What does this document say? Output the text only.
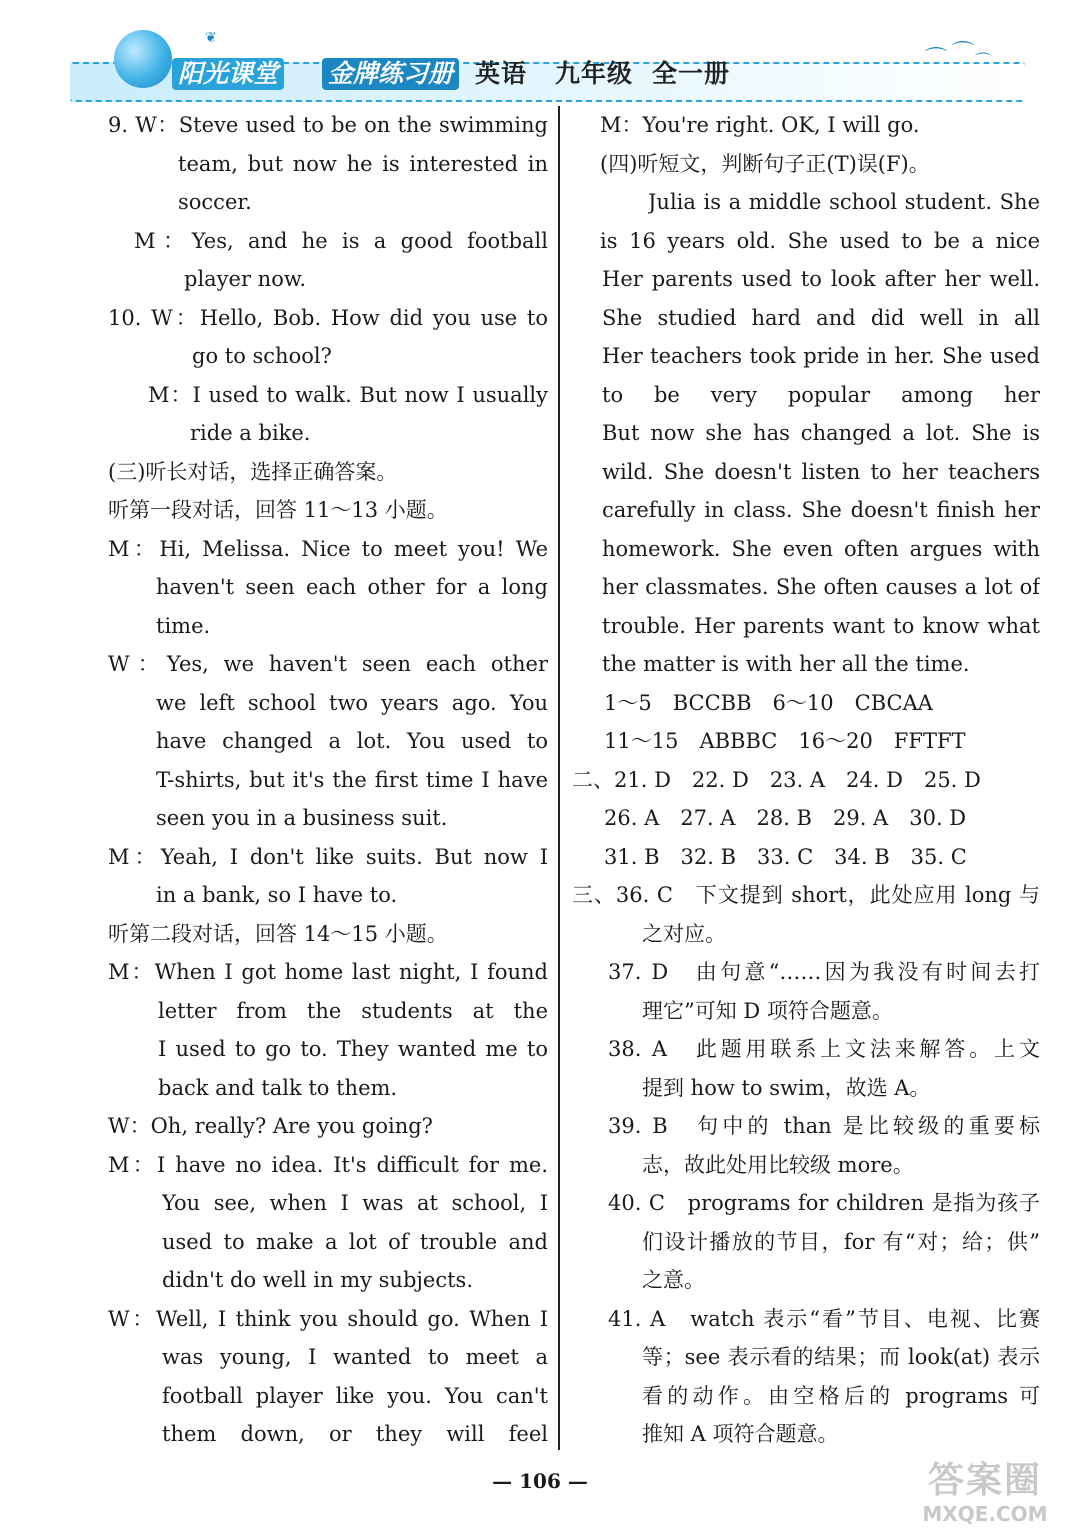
❦
阳光课堂 金牌练习册 英语 九年级 全一册	⌒ ⌒ ⌒
9. W：Steve used to be on the swimming
team, but now he is interested in
soccer.
M：Yes, and he is a good football
player now.
10. W：Hello, Bob. How did you use to
go to school?
M：I used to walk. But now I usually
ride a bike.
(三)听长对话，选择正确答案。
听第一段对话，回答 11～13 小题。
M：Hi, Melissa. Nice to meet you! We
haven't seen each other for a long
time.
W：Yes, we haven't seen each other
we left school two years ago. You
have changed a lot. You used to
T-shirts, but it's the first time I have
seen you in a business suit.
M：Yeah, I don't like suits. But now I
in a bank, so I have to.
听第二段对话，回答 14～15 小题。
M：When I got home last night, I found
letter from the students at the
I used to go to. They wanted me to
back and talk to them.
W：Oh, really? Are you going?
M：I have no idea. It's difficult for me.
You see, when I was at school, I
used to make a lot of trouble and
didn't do well in my subjects.
W：Well, I think you should go. When I
was young, I wanted to meet a
football player like you. You can't
them down, or they will feel
M：You're right. OK, I will go.
(四)听短文，判断句子正(T)误(F)。
Julia is a middle school student. She
is 16 years old. She used to be a nice
Her parents used to look after her well.
She studied hard and did well in all
Her teachers took pride in her. She used
to be very popular among her
But now she has changed a lot. She is
wild. She doesn't listen to her teachers
carefully in class. She doesn't finish her
homework. She even often argues with
her classmates. She often causes a lot of
trouble. Her parents want to know what
the matter is with her all the time.
1～5　BCCBB　6～10　CBCAA
11～15　ABBBC　16～20　FFTFT
二、21. D　22. D　23. A　24. D　25. D
26. A　27. A　28. B　29. A　30. D
31. B　32. B　33. C　34. B　35. C
三、36. C　下文提到 short，此处应用 long 与
之对应。
37. D　由句意“……因为我没有时间去打
理它”可知 D 项符合题意。
38. A　此题用联系上文法来解答。上文
提到 how to swim，故选 A。
39. B　句中的 than 是比较级的重要标
志，故此处用比较级 more。
40. C　programs for children 是指为孩子
们设计播放的节目，for 有“对；给；供”
之意。
41. A　watch 表示“看”节目、电视、比赛
等；see 表示看的结果；而 look(at) 表示
看的动作。由空格后的 programs 可
推知 A 项符合题意。
— 106 —	答案圈
MXQE.COM
